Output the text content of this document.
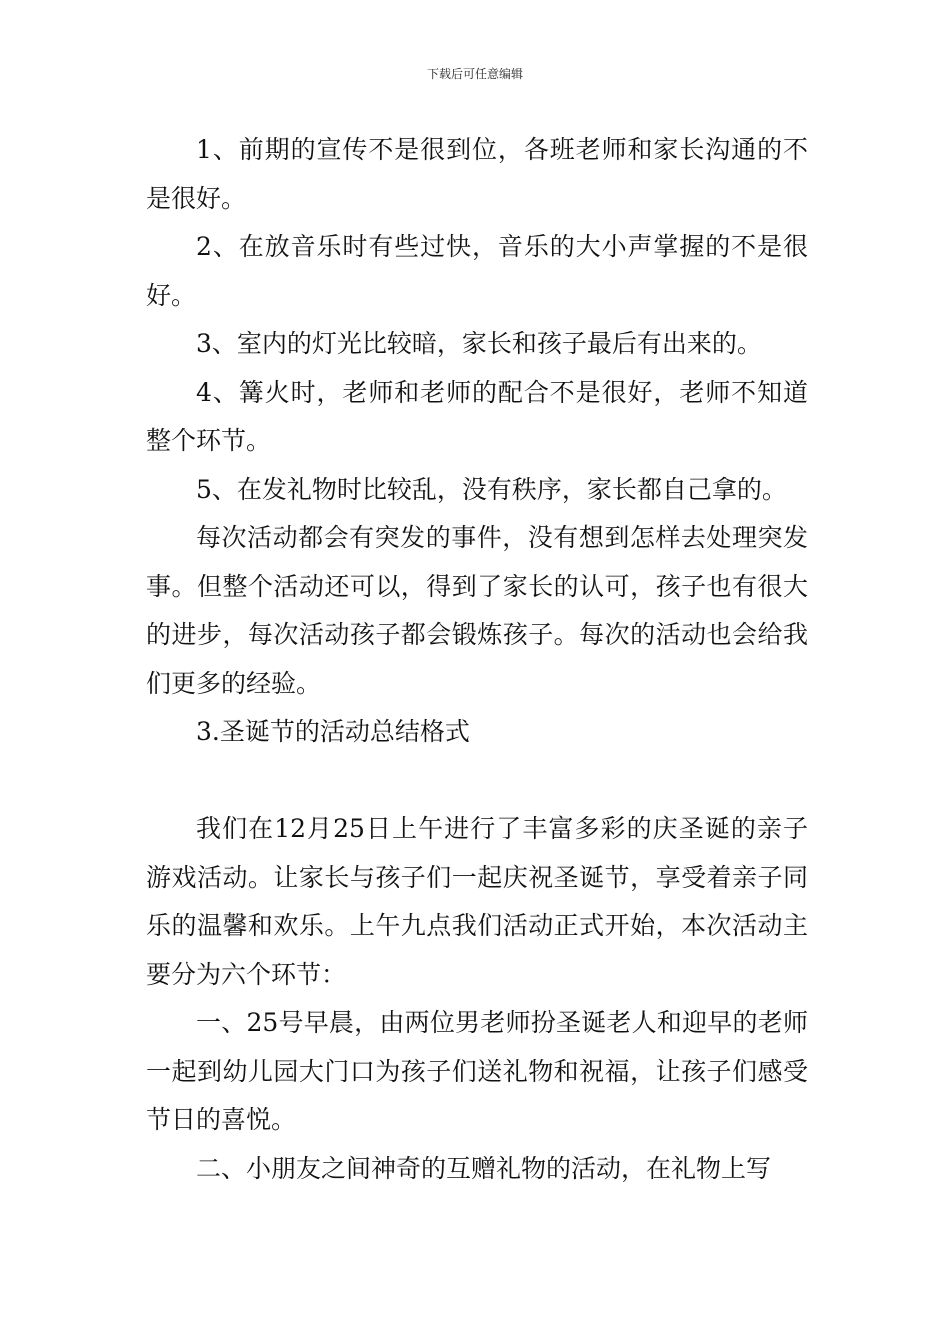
下载后可任意编辑

1、前期的宣传不是很到位，各班老师和家长沟通的不是很好。

2、在放音乐时有些过快，音乐的大小声掌握的不是很好。

3、室内的灯光比较暗，家长和孩子最后有出来的。

4、篝火时，老师和老师的配合不是很好，老师不知道整个环节。

5、在发礼物时比较乱，没有秩序，家长都自己拿的。

每次活动都会有突发的事件，没有想到怎样去处理突发事。但整个活动还可以，得到了家长的认可，孩子也有很大的进步，每次活动孩子都会锻炼孩子。每次的活动也会给我们更多的经验。

3.圣诞节的活动总结格式

我们在12月25日上午进行了丰富多彩的庆圣诞的亲子游戏活动。让家长与孩子们一起庆祝圣诞节，享受着亲子同乐的温馨和欢乐。上午九点我们活动正式开始，本次活动主要分为六个环节：

一、25号早晨，由两位男老师扮圣诞老人和迎早的老师一起到幼儿园大门口为孩子们送礼物和祝福，让孩子们感受节日的喜悦。

二、小朋友之间神奇的互赠礼物的活动，在礼物上写
